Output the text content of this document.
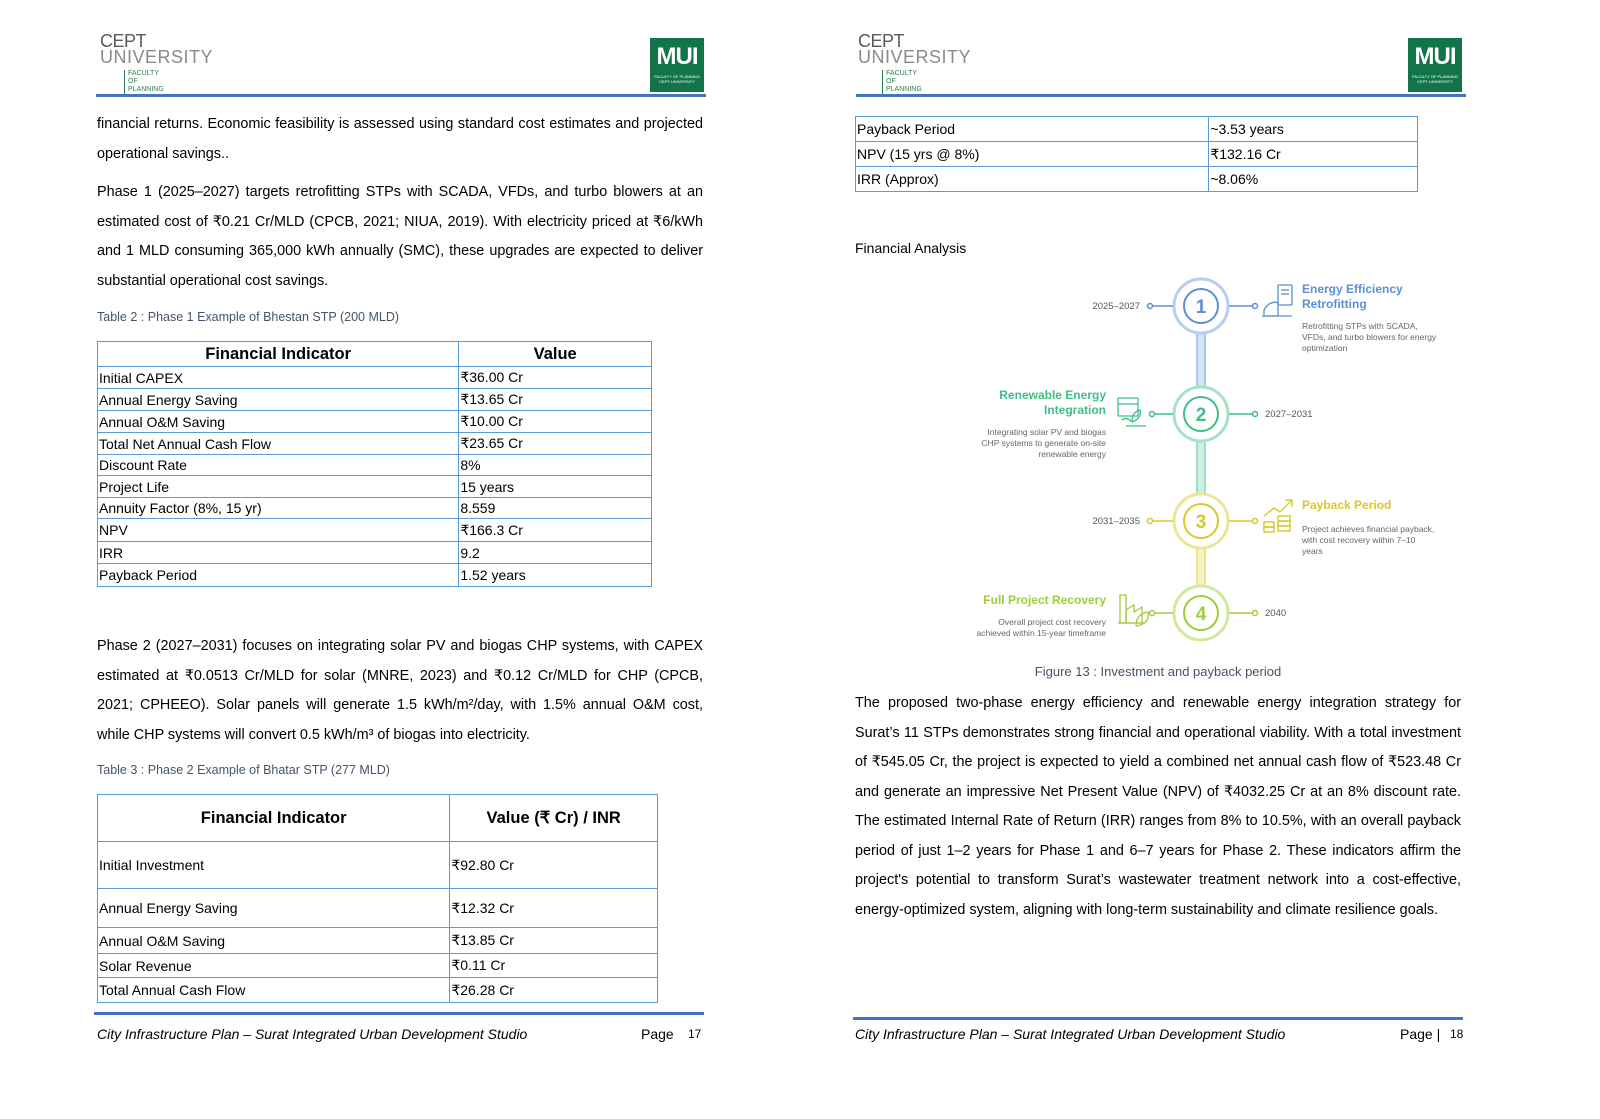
CEPT
UNIVERSITY
FACULTY
OF PLANNING
MUI
FACULTY OF PLANNING
CEPT UNIVERSITY
financial returns. Economic feasibility is assessed using standard cost estimates and projected operational savings..
Phase 1 (2025–2027) targets retrofitting STPs with SCADA, VFDs, and turbo blowers at an estimated cost of ₹0.21 Cr/MLD (CPCB, 2021; NIUA, 2019). With electricity priced at ₹6/kWh and 1 MLD consuming 365,000 kWh annually (SMC), these upgrades are expected to deliver substantial operational cost savings.
Table 2 : Phase 1 Example of Bhestan STP (200 MLD)
Financial Indicator	Value
Initial CAPEX	₹36.00 Cr
Annual Energy Saving	₹13.65 Cr
Annual O&M Saving	₹10.00 Cr
Total Net Annual Cash Flow	₹23.65 Cr
Discount Rate	8%
Project Life	15 years
Annuity Factor (8%, 15 yr)	8.559
NPV	₹166.3 Cr
IRR	9.2
Payback Period	1.52 years
Phase 2 (2027–2031) focuses on integrating solar PV and biogas CHP systems, with CAPEX estimated at ₹0.0513 Cr/MLD for solar (MNRE, 2023) and ₹0.12 Cr/MLD for CHP (CPCB, 2021; CPHEEO). Solar panels will generate 1.5 kWh/m²/day, with 1.5% annual O&M cost, while CHP systems will convert 0.5 kWh/m³ of biogas into electricity.
Table 3 : Phase 2 Example of Bhatar STP (277 MLD)
Financial Indicator	Value (₹ Cr) / INR
Initial Investment	₹92.80 Cr
Annual Energy Saving	₹12.32 Cr
Annual O&M Saving	₹13.85 Cr
Solar Revenue	₹0.11 Cr
Total Annual Cash Flow	₹26.28 Cr
City Infrastructure Plan – Surat Integrated Urban Development Studio	Page 17
CEPT
UNIVERSITY
FACULTY
OF PLANNING
MUI
FACULTY OF PLANNING
CEPT UNIVERSITY
Payback Period	~3.53 years
NPV (15 yrs @ 8%)	₹132.16 Cr
IRR (Approx)	~8.06%
Financial Analysis
1
2025–2027
Energy Efficiency
Retrofitting
Retrofitting STPs with SCADA,
VFDs, and turbo blowers for energy
optimization
2	2027–2031
Renewable Energy
Integration
Integrating solar PV and biogas
CHP systems to generate on-site
renewable energy
3
2031–2035
Payback Period
Project achieves financial payback,
with cost recovery within 7–10
years
4	2040
Full Project Recovery
Overall project cost recovery
achieved within 15-year timeframe
Figure 13 : Investment and payback period
The proposed two-phase energy efficiency and renewable energy integration strategy for Surat’s 11 STPs demonstrates strong financial and operational viability. With a total investment of ₹545.05 Cr, the project is expected to yield a combined net annual cash flow of ₹523.48 Cr and generate an impressive Net Present Value (NPV) of ₹4032.25 Cr at an 8% discount rate. The estimated Internal Rate of Return (IRR) ranges from 8% to 10.5%, with an overall payback period of just 1–2 years for Phase 1 and 6–7 years for Phase 2. These indicators affirm the project's potential to transform Surat’s wastewater treatment network into a cost-effective, energy-optimized system, aligning with long-term sustainability and climate resilience goals.
City Infrastructure Plan – Surat Integrated Urban Development Studio	Page | 18
